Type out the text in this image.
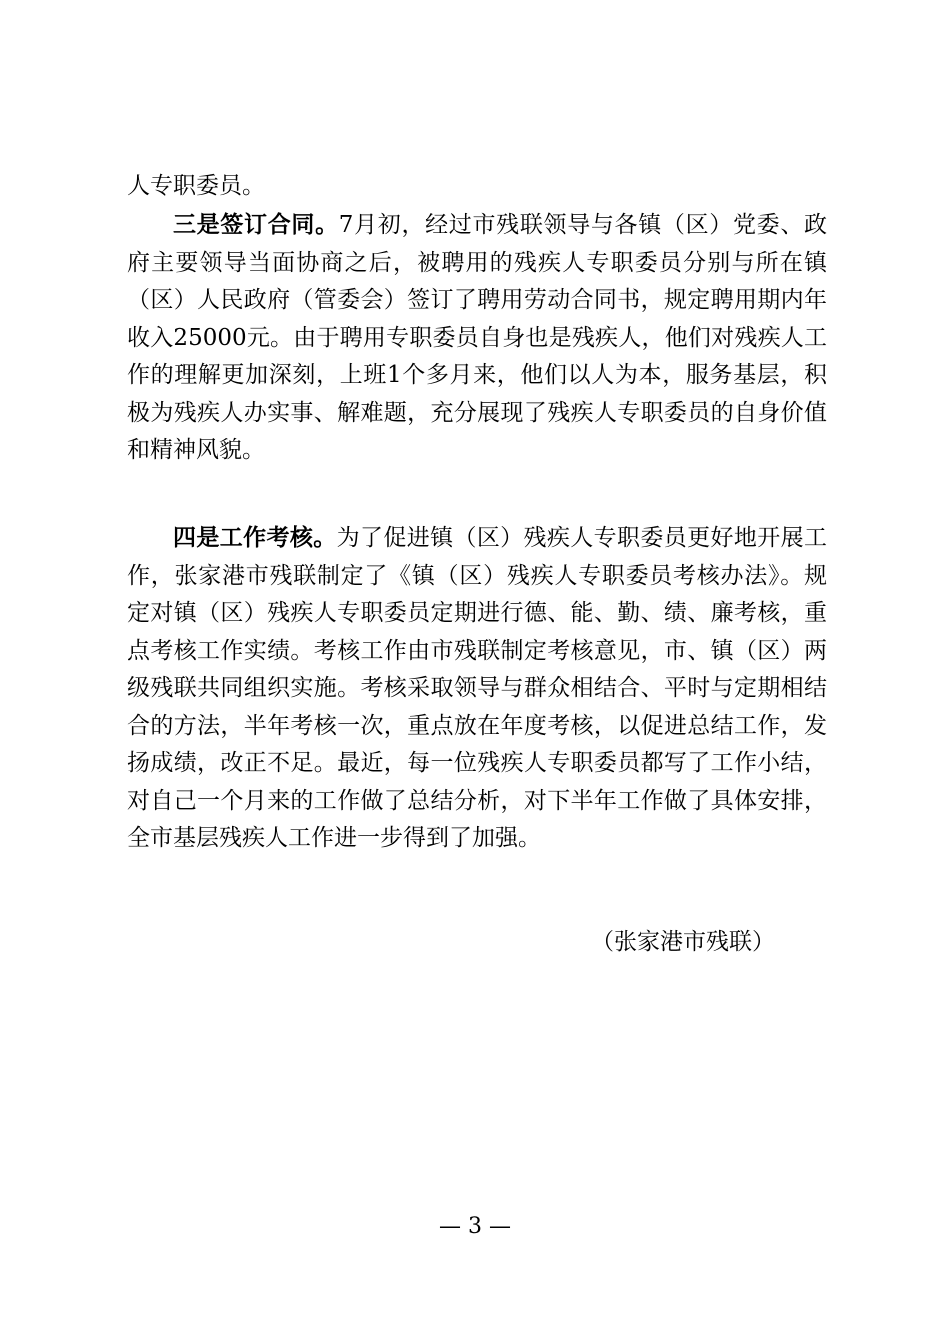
人专职委员。

三是签订合同。7月初，经过市残联领导与各镇（区）党委、政府主要领导当面协商之后，被聘用的残疾人专职委员分别与所在镇（区）人民政府（管委会）签订了聘用劳动合同书，规定聘用期内年收入25000元。由于聘用专职委员自身也是残疾人，他们对残疾人工作的理解更加深刻，上班1个多月来，他们以人为本，服务基层，积极为残疾人办实事、解难题，充分展现了残疾人专职委员的自身价值和精神风貌。

四是工作考核。为了促进镇（区）残疾人专职委员更好地开展工作，张家港市残联制定了《镇（区）残疾人专职委员考核办法》。规定对镇（区）残疾人专职委员定期进行德、能、勤、绩、廉考核，重点考核工作实绩。考核工作由市残联制定考核意见，市、镇（区）两级残联共同组织实施。考核采取领导与群众相结合、平时与定期相结合的方法，半年考核一次，重点放在年度考核，以促进总结工作，发扬成绩，改正不足。最近，每一位残疾人专职委员都写了工作小结，对自己一个月来的工作做了总结分析，对下半年工作做了具体安排，全市基层残疾人工作进一步得到了加强。

（张家港市残联）
— 3 —
